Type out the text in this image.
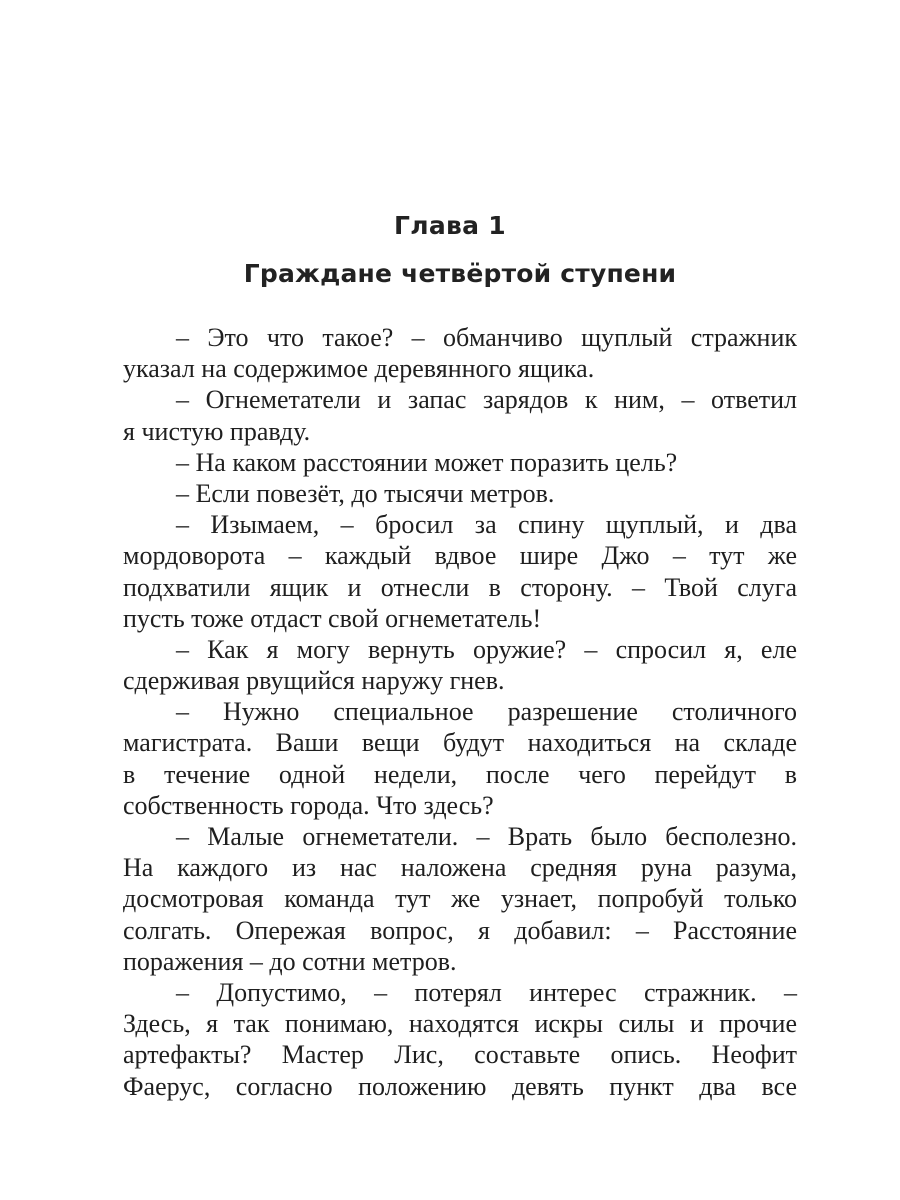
Глава 1
Граждане четвёртой ступени
– Это что такое? – обманчиво щуплый стражник
указал на содержимое деревянного ящика.
– Огнеметатели и запас зарядов к ним, – ответил
я чистую правду.
– На каком расстоянии может поразить цель?
– Если повезёт, до тысячи метров.
– Изымаем, – бросил за спину щуплый, и два
мордоворота – каждый вдвое шире Джо – тут же
подхватили ящик и отнесли в сторону. – Твой слуга
пусть тоже отдаст свой огнеметатель!
– Как я могу вернуть оружие? – спросил я, еле
сдерживая рвущийся наружу гнев.
– Нужно специальное разрешение столичного
магистрата. Ваши вещи будут находиться на складе
в течение одной недели, после чего перейдут в
собственность города. Что здесь?
– Малые огнеметатели. – Врать было бесполезно.
На каждого из нас наложена средняя руна разума,
досмотровая команда тут же узнает, попробуй только
солгать. Опережая вопрос, я добавил: – Расстояние
поражения – до сотни метров.
– Допустимо, – потерял интерес стражник. –
Здесь, я так понимаю, находятся искры силы и прочие
артефакты? Мастер Лис, составьте опись. Неофит
Фаерус, согласно положению девять пункт два все
